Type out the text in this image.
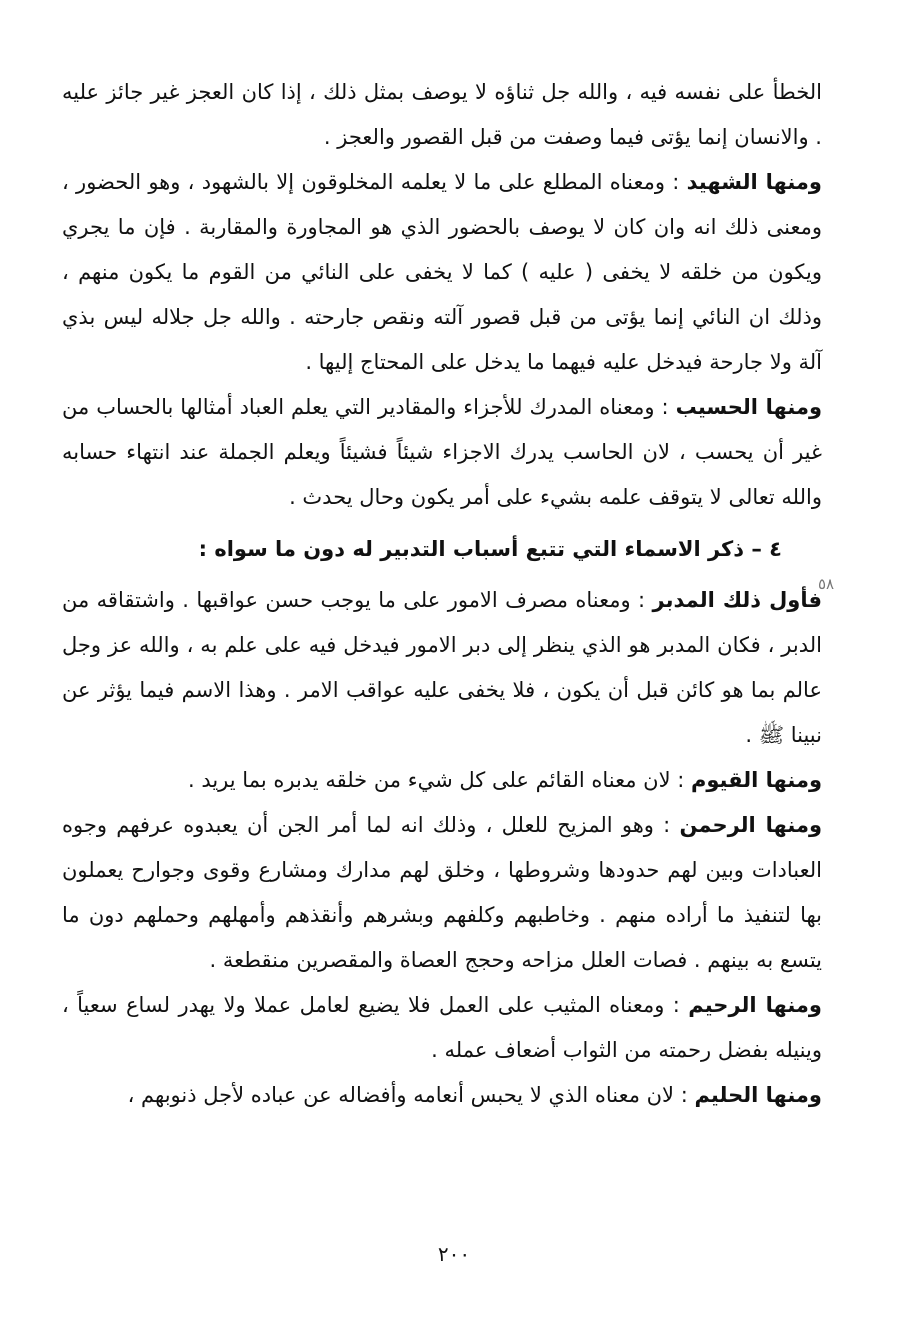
الخطأ على نفسه فيه ، والله جل ثناؤه لا يوصف بمثل ذلك ، إذا كان العجز غير جائز عليه . والانسان إنما يؤتى فيما وصفت من قبل القصور والعجز .

ومنها الشهيد : ومعناه المطلع على ما لا يعلمه المخلوقون إلا بالشهود ، وهو الحضور ، ومعنى ذلك انه وان كان لا يوصف بالحضور الذي هو المجاورة والمقاربة . فإن ما يجري ويكون من خلقه لا يخفى ( عليه ) كما لا يخفى على النائي من القوم ما يكون منهم ، وذلك ان النائي إنما يؤتى من قبل قصور آلته ونقص جارحته . والله جل جلاله ليس بذي آلة ولا جارحة فيدخل عليه فيهما ما يدخل على المحتاج إليها .

ومنها الحسيب : ومعناه المدرك للأجزاء والمقادير التي يعلم العباد أمثالها بالحساب من غير أن يحسب ، لان الحاسب يدرك الاجزاء شيئاً فشيئاً ويعلم الجملة عند انتهاء حسابه والله تعالى لا يتوقف علمه بشيء على أمر يكون وحال يحدث .

٤ – ذكر الاسماء التي تتبع أسباب التدبير له دون ما سواه :

فأول ذلك المدبر : ومعناه مصرف الامور على ما يوجب حسن عواقبها . واشتقاقه من الدبر ، فكان المدبر هو الذي ينظر إلى دبر الامور فيدخل فيه على علم به ، والله عز وجل عالم بما هو كائن قبل أن يكون ، فلا يخفى عليه عواقب الامر . وهذا الاسم فيما يؤثر عن نبينا ﷺ .

ومنها القيوم : لان معناه القائم على كل شيء من خلقه يدبره بما يريد .

ومنها الرحمن : وهو المزيح للعلل ، وذلك انه لما أمر الجن أن يعبدوه عرفهم وجوه العبادات وبين لهم حدودها وشروطها ، وخلق لهم مدارك ومشارع وقوى وجوارح يعملون بها لتنفيذ ما أراده منهم . وخاطبهم وكلفهم وبشرهم وأنقذهم وأمهلهم وحملهم دون ما يتسع به بينهم . فصات العلل مزاحه وحجج العصاة والمقصرين منقطعة .

ومنها الرحيم : ومعناه المثيب على العمل فلا يضيع لعامل عملا ولا يهدر لساع سعياً ، وينيله بفضل رحمته من الثواب أضعاف عمله .

ومنها الحليم : لان معناه الذي لا يحبس أنعامه وأفضاله عن عباده لأجل ذنوبهم ،

٥٨
٢٠٠
